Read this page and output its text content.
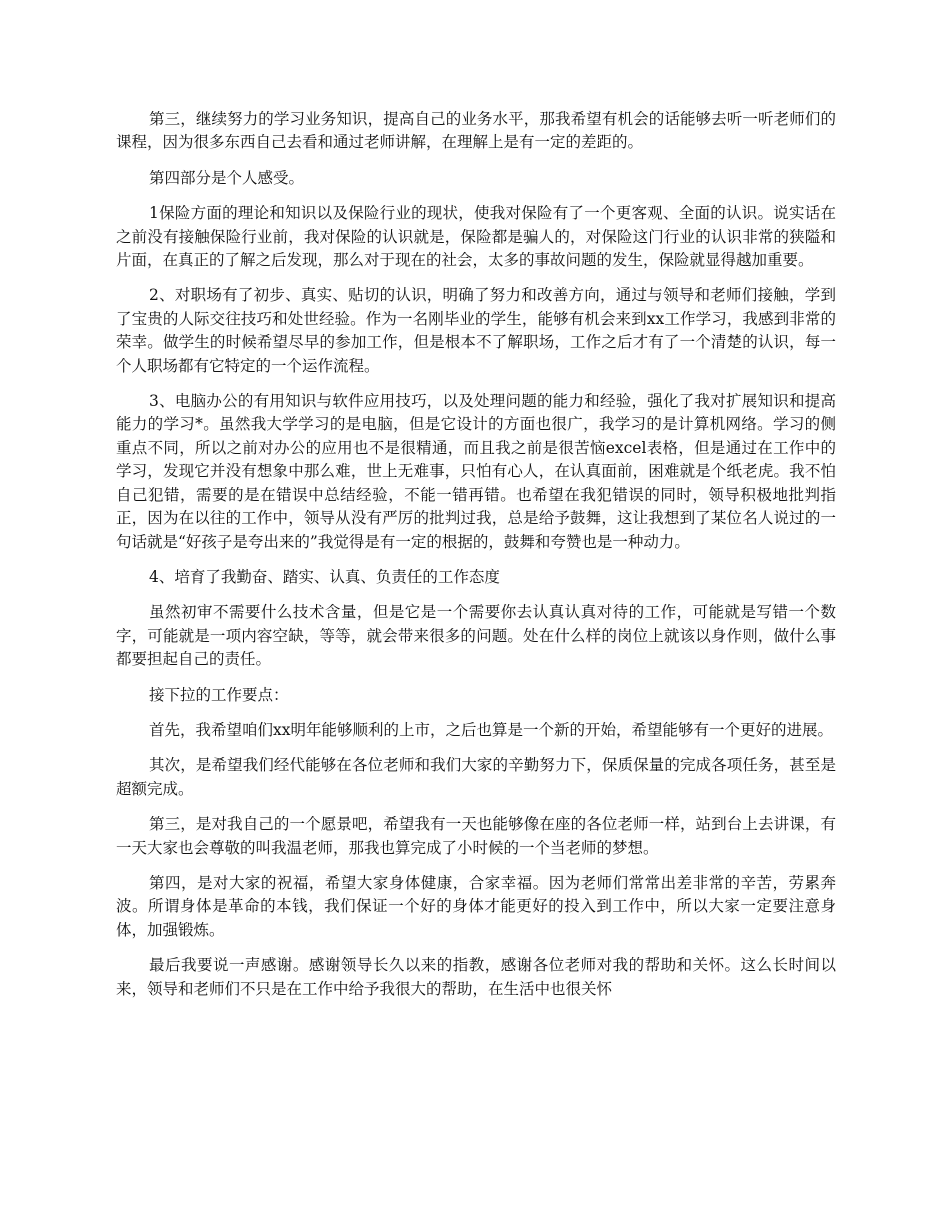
第三，继续努力的学习业务知识，提高自己的业务水平，那我希望有机会的话能够去听一听老师们的课程，因为很多东西自己去看和通过老师讲解，在理解上是有一定的差距的。

第四部分是个人感受。

1保险方面的理论和知识以及保险行业的现状，使我对保险有了一个更客观、全面的认识。说实话在之前没有接触保险行业前，我对保险的认识就是，保险都是骗人的，对保险这门行业的认识非常的狭隘和片面，在真正的了解之后发现，那么对于现在的社会，太多的事故问题的发生，保险就显得越加重要。

2、对职场有了初步、真实、贴切的认识，明确了努力和改善方向，通过与领导和老师们接触，学到了宝贵的人际交往技巧和处世经验。作为一名刚毕业的学生，能够有机会来到xx工作学习，我感到非常的荣幸。做学生的时候希望尽早的参加工作，但是根本不了解职场，工作之后才有了一个清楚的认识，每一个人职场都有它特定的一个运作流程。

3、电脑办公的有用知识与软件应用技巧，以及处理问题的能力和经验，强化了我对扩展知识和提高能力的学习*。虽然我大学学习的是电脑，但是它设计的方面也很广，我学习的是计算机网络。学习的侧重点不同，所以之前对办公的应用也不是很精通，而且我之前是很苦恼excel表格，但是通过在工作中的学习，发现它并没有想象中那么难，世上无难事，只怕有心人，在认真面前，困难就是个纸老虎。我不怕自己犯错，需要的是在错误中总结经验，不能一错再错。也希望在我犯错误的同时，领导积极地批判指正，因为在以往的工作中，领导从没有严厉的批判过我，总是给予鼓舞，这让我想到了某位名人说过的一句话就是“好孩子是夸出来的”我觉得是有一定的根据的，鼓舞和夸赞也是一种动力。

4、培育了我勤奋、踏实、认真、负责任的工作态度

虽然初审不需要什么技术含量，但是它是一个需要你去认真认真对待的工作，可能就是写错一个数字，可能就是一项内容空缺，等等，就会带来很多的问题。处在什么样的岗位上就该以身作则，做什么事都要担起自己的责任。

接下拉的工作要点：

首先，我希望咱们xx明年能够顺利的上市，之后也算是一个新的开始，希望能够有一个更好的进展。

其次，是希望我们经代能够在各位老师和我们大家的辛勤努力下，保质保量的完成各项任务，甚至是超额完成。

第三，是对我自己的一个愿景吧，希望我有一天也能够像在座的各位老师一样，站到台上去讲课，有一天大家也会尊敬的叫我温老师，那我也算完成了小时候的一个当老师的梦想。

第四，是对大家的祝福，希望大家身体健康，合家幸福。因为老师们常常出差非常的辛苦，劳累奔波。所谓身体是革命的本钱，我们保证一个好的身体才能更好的投入到工作中，所以大家一定要注意身体，加强锻炼。

最后我要说一声感谢。感谢领导长久以来的指教，感谢各位老师对我的帮助和关怀。这么长时间以来，领导和老师们不只是在工作中给予我很大的帮助，在生活中也很关怀
